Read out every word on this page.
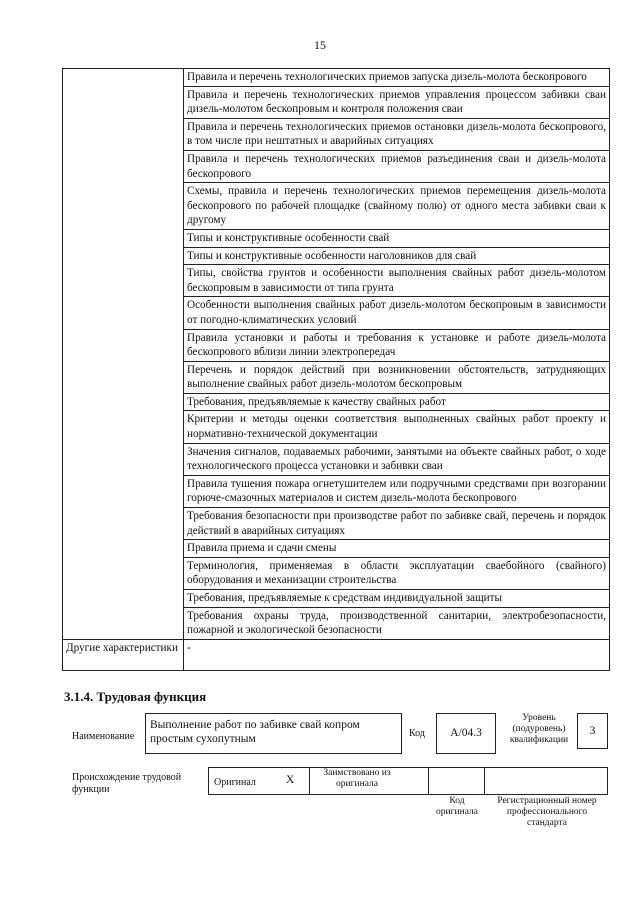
15
	Правила и перечень технологических приемов запуска дизель-молота бескопрового
	Правила и перечень технологических приемов управления процессом забивки сваи дизель-молотом бескопровым и контроля положения сваи
	Правила и перечень технологических приемов остановки дизель-молота бескопрового, в том числе при нештатных и аварийных ситуациях
	Правила и перечень технологических приемов разъединения сваи и дизель-молота бескопрового
	Схемы, правила и перечень технологических приемов перемещения дизель-молота бескопрового по рабочей площадке (свайному полю) от одного места забивки сваи к другому
	Типы и конструктивные особенности свай
	Типы и конструктивные особенности наголовников для свай
	Типы, свойства грунтов и особенности выполнения свайных работ дизель-молотом бескопровым в зависимости от типа грунта
	Особенности выполнения свайных работ дизель-молотом бескопровым в зависимости от погодно-климатических условий
	Правила установки и работы и требования к установке и работе дизель-молота бескопрового вблизи линии электропередач
	Перечень и порядок действий при возникновении обстоятельств, затрудняющих выполнение свайных работ дизель-молотом бескопровым
	Требования, предъявляемые к качеству свайных работ
	Критерии и методы оценки соответствия выполненных свайных работ проекту и нормативно-технической документации
	Значения сигналов, подаваемых рабочими, занятыми на объекте свайных работ, о ходе технологического процесса установки и забивки сваи
	Правила тушения пожара огнетушителем или подручными средствами при возгорании горюче-смазочных материалов и систем дизель-молота бескопрового
	Требования безопасности при производстве работ по забивке свай, перечень и порядок действий в аварийных ситуациях
	Правила приема и сдачи смены
	Терминология, применяемая в области эксплуатации сваебойного (свайного) оборудования и механизации строительства
	Требования, предъявляемые к средствам индивидуальной защиты
	Требования охраны труда, производственной санитарии, электробезопасности, пожарной и экологической безопасности
Другие характеристики	-
3.1.4. Трудовая функция
Наименование
Выполнение работ по забивке свай копром простым сухопутным	Код	A/04.3
Уровень (подуровень) квалификации
3
Происхождение трудовой функции
Оригинал	X
Заимствовано из оригинала
Код оригинала
Регистрационный номер профессионального стандарта
